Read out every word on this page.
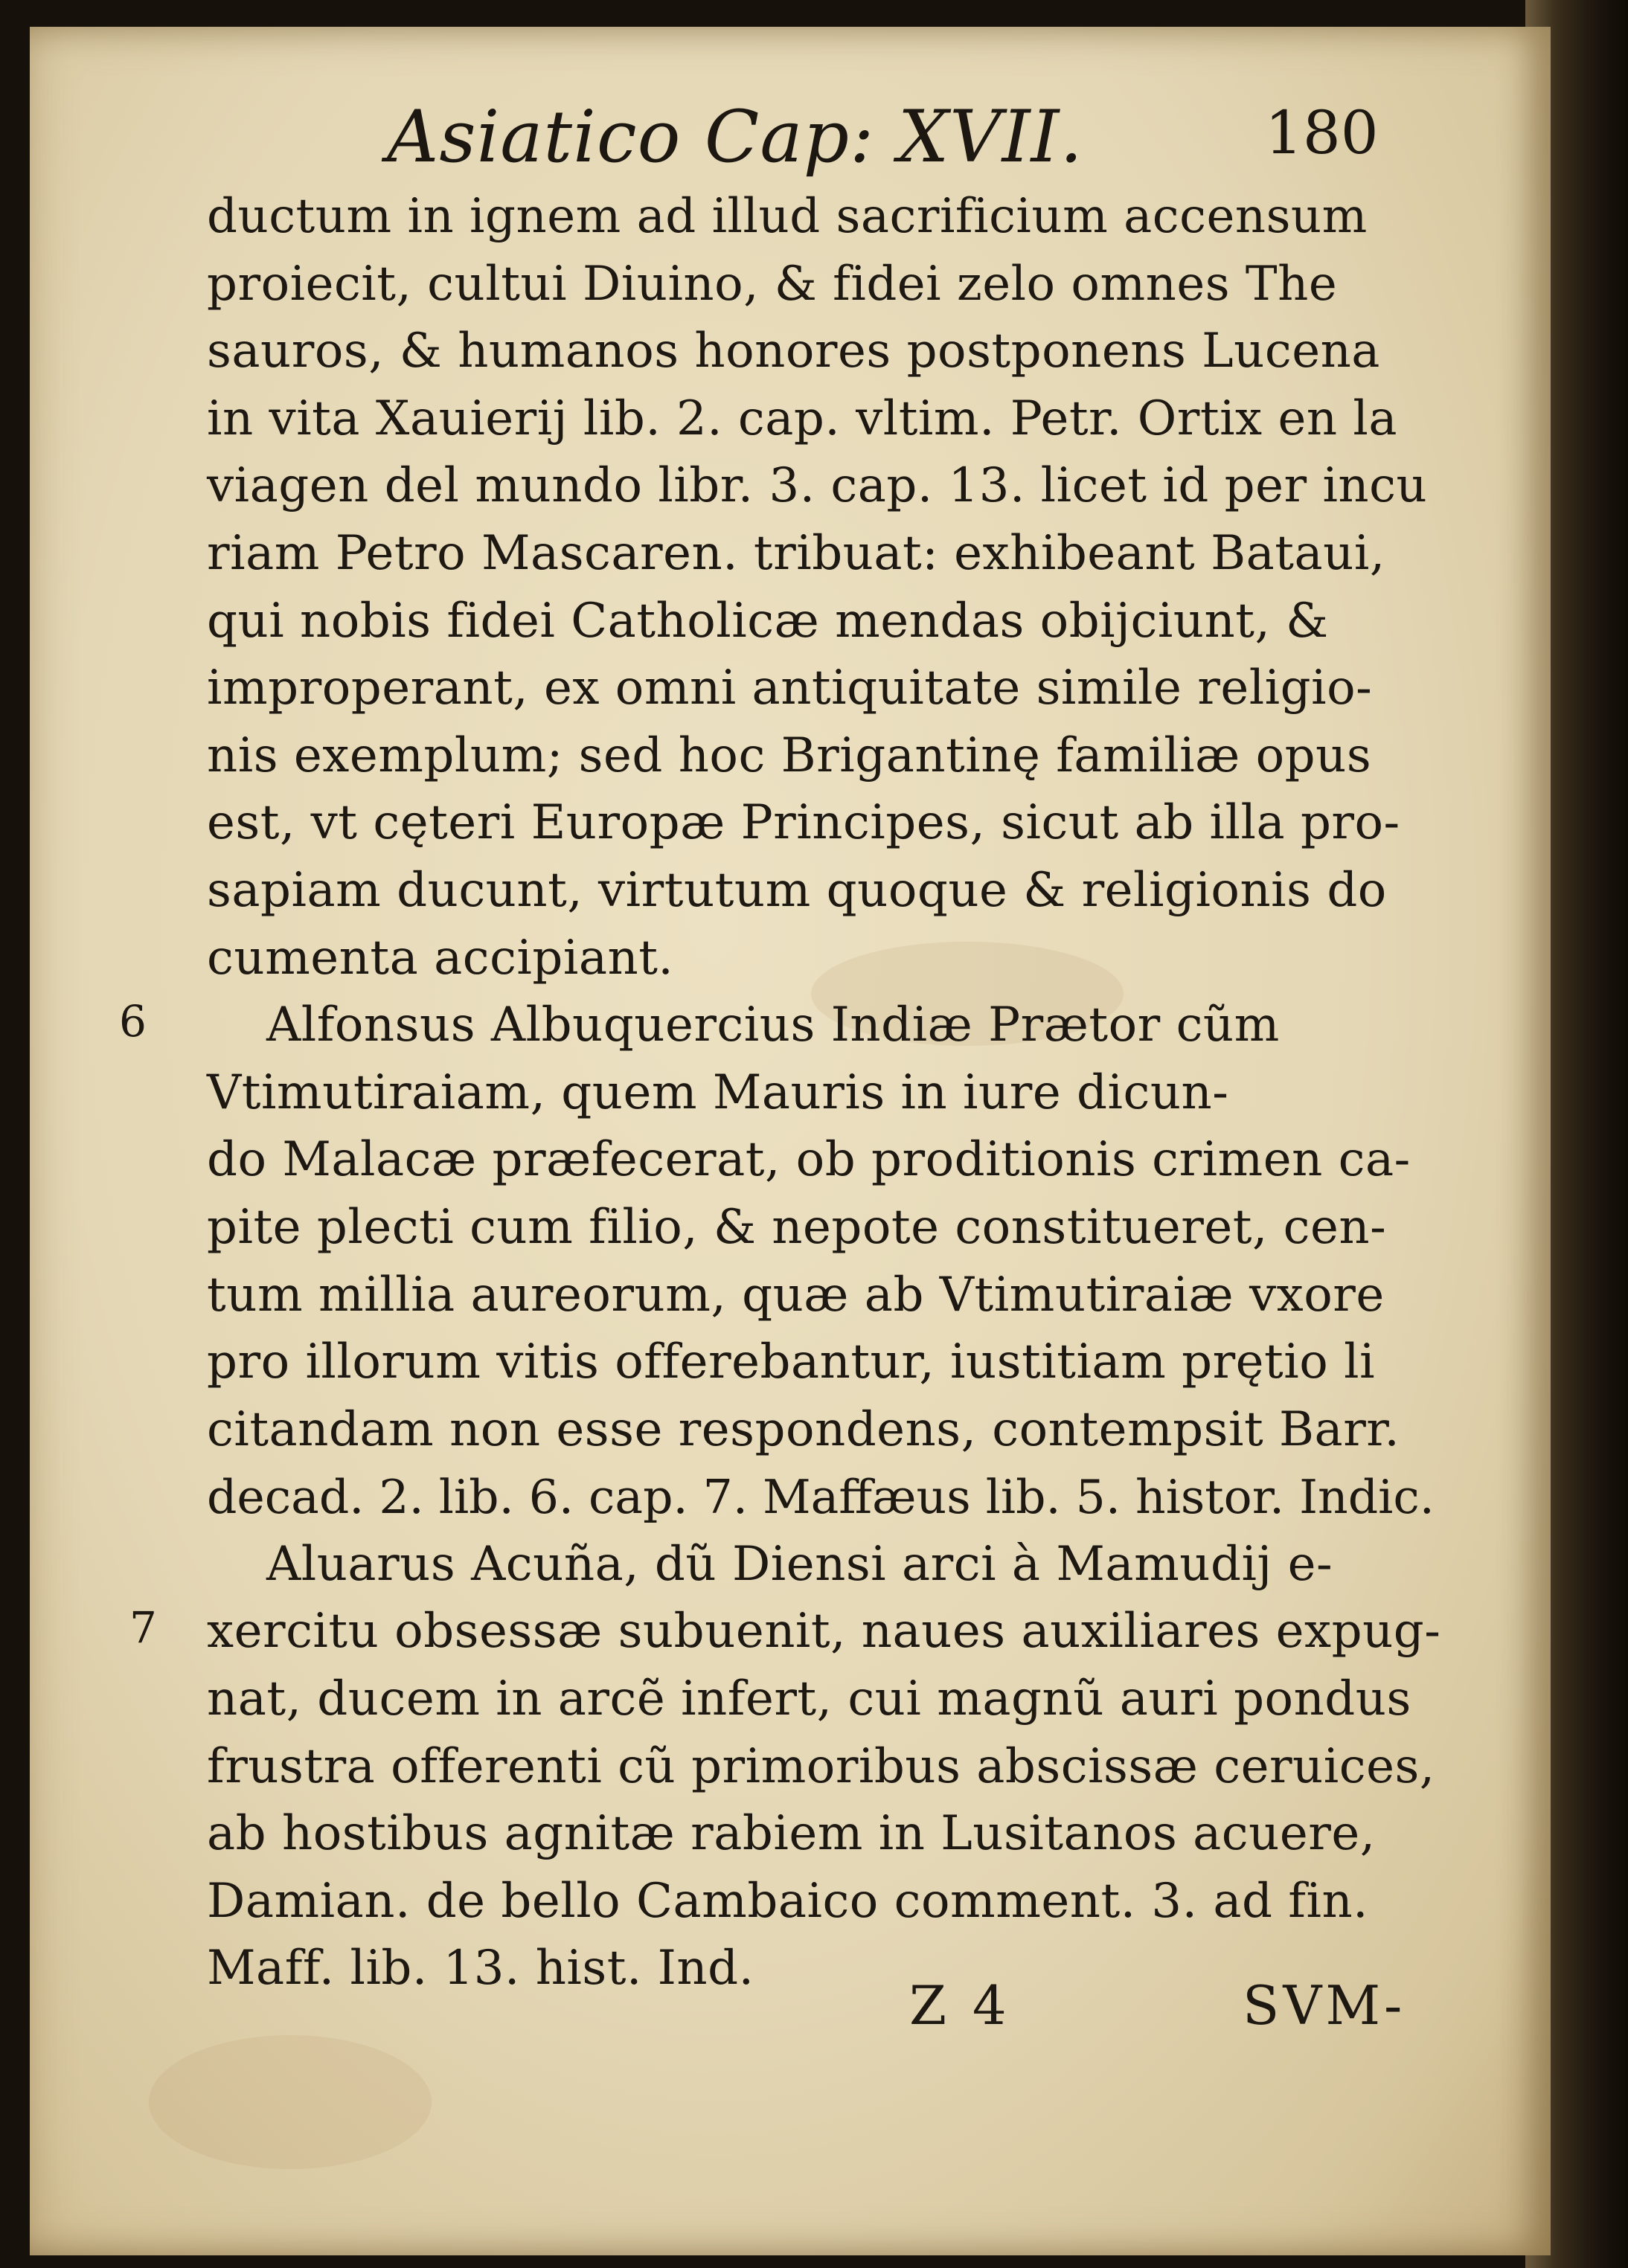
Asiatico Cap: XVII.	180
ductum in ignem ad illud sacrificium accensum
proiecit, cultui Diuino, & fidei zelo omnes The
sauros, & humanos honores postponens Lucena
in vita Xauierij lib. 2. cap. vltim. Petr. Ortix en la
viagen del mundo libr. 3. cap. 13. licet id per incu
riam Petro Mascaren. tribuat: exhibeant Bataui,
qui nobis fidei Catholicæ mendas obijciunt, &
improperant, ex omni antiquitate simile religio-
nis exemplum; sed hoc Brigantinę familiæ opus
est, vt cęteri Europæ Principes, sicut ab illa pro-
sapiam ducunt, virtutum quoque & religionis do
cumenta accipiant.
6	Alfonsus Albuquercius Indiæ Prætor cũm
Vtimutiraiam, quem Mauris in iure dicun-
do Malacæ præfecerat, ob proditionis crimen ca-
pite plecti cum filio, & nepote constitueret, cen-
tum millia aureorum, quæ ab Vtimutiraiæ vxore
pro illorum vitis offerebantur, iustitiam prętio li
citandam non esse respondens, contempsit Barr.
decad. 2. lib. 6. cap. 7. Maffæus lib. 5. histor. Indic.
7
Aluarus Acuña, dũ Diensi arci à Mamudij e-
xercitu obsessæ subuenit, naues auxiliares expug-
nat, ducem in arcẽ infert, cui magnũ auri pondus
frustra offerenti cũ primoribus abscissæ ceruices,
ab hostibus agnitæ rabiem in Lusitanos acuere,
Damian. de bello Cambaico comment. 3. ad fin.
Maff. lib. 13. hist. Ind.
Z 4	SVM-
